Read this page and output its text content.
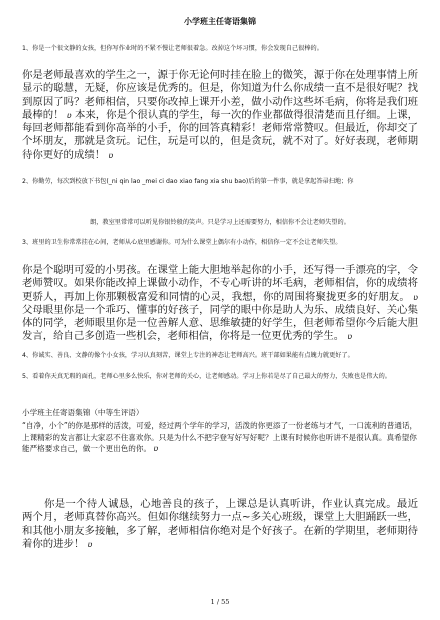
小学班主任寄语集锦
1、你是一个很文静的女孩，但你写作业时的不紧不慢让老师很着急。改掉这个坏习惯，你会发现自己很棒的。
你是老师最喜欢的学生之一，源于你无论何时挂在脸上的微笑，源于你在处理事情上所显示的聪慧，无疑，你应该是优秀的。但是，你知道为什么你成绩一直不是很好呢？找到原因了吗？老师相信，只要你改掉上课开小差，做小动作这些坏毛病，你将是我们班最棒的！ ʋ 本来，你是个很认真的学生，每一次的作业都做得很清楚而且仔细。上课，每回老师都能看到你高举的小手，你的回答真精彩！老师常常赞叹。但最近，你却交了个坏朋友，那就是贪玩。记住，玩是可以的，但是贪玩，就不对了。好好表现，老师期待你更好的成绩！ ʋ
2、你勤劳，每次到校放下书包(_ni qin lao _mei ci dao xiao fang xia shu bao)后的第一件事，就是拿起答帚扫地；你
朗，教室里常常可以听见你银铃般的笑声。只是学习上还需要努力，相信你不会让老师失望的。
3、班里的卫生你常常挂在心间，老师从心底里感谢你。可为什么课堂上偶尔有小动作，相信你一定不会让老师失望。
你是个聪明可爱的小男孩。在课堂上能大胆地举起你的小手，还写得一手漂亮的字，令老师赞叹。如果你能改掉上课做小动作，不专心听讲的坏毛病，老师相信，你的成绩将更骄人，再加上你那颗极富爱和同情的心灵，我想，你的周围将聚拢更多的好朋友。 ʋ 父母眼里你是一个乖巧、懂事的好孩子，同学的眼中你是助人为乐、成绩良好、关心集体的同学，老师眼里你是一位善解人意、思维敏捷的好学生，但老师希望你今后能大胆发言，给自己多创造一些机会，老师相信，你将是一位更优秀的学生。 ʋ
4、你诚实、善良、文静的像个小女孩，学习认真刻苦，课堂上专注的神态让老师高兴。班干部如果能有点魄力就更好了。
5、看着你天真无瑕的面孔，老师心里多么快乐，你对老师的关心，让老师感动。学习上你若是尽了自己最大的努力，失败也是伟大的。
小学班主任寄语集锦（中等生评语）
“自净，小个”的你是那样的活泼，可爱，经过两个学年的学习，活泼的你更添了一份老练与才气，一口流利的普通话，上课精彩的发言都让大家忍不住喜欢你。只是为什么不把字登写好写好呢？上课有时候你也听讲不是很认真。真希望你能严格要求自己，做一个更出色的你。 ʋ
你是一个待人诚恳，心地善良的孩子，上课总是认真听讲，作业认真完成。最近两个月，老师真替你高兴。但如你继续努力一点~多关心班级，课堂上大胆踊跃一些，和其他小朋友多接触，多了解，老师相信你绝对是个好孩子。在新的学期里，老师期待着你的进步！ ʋ
1 / 55
